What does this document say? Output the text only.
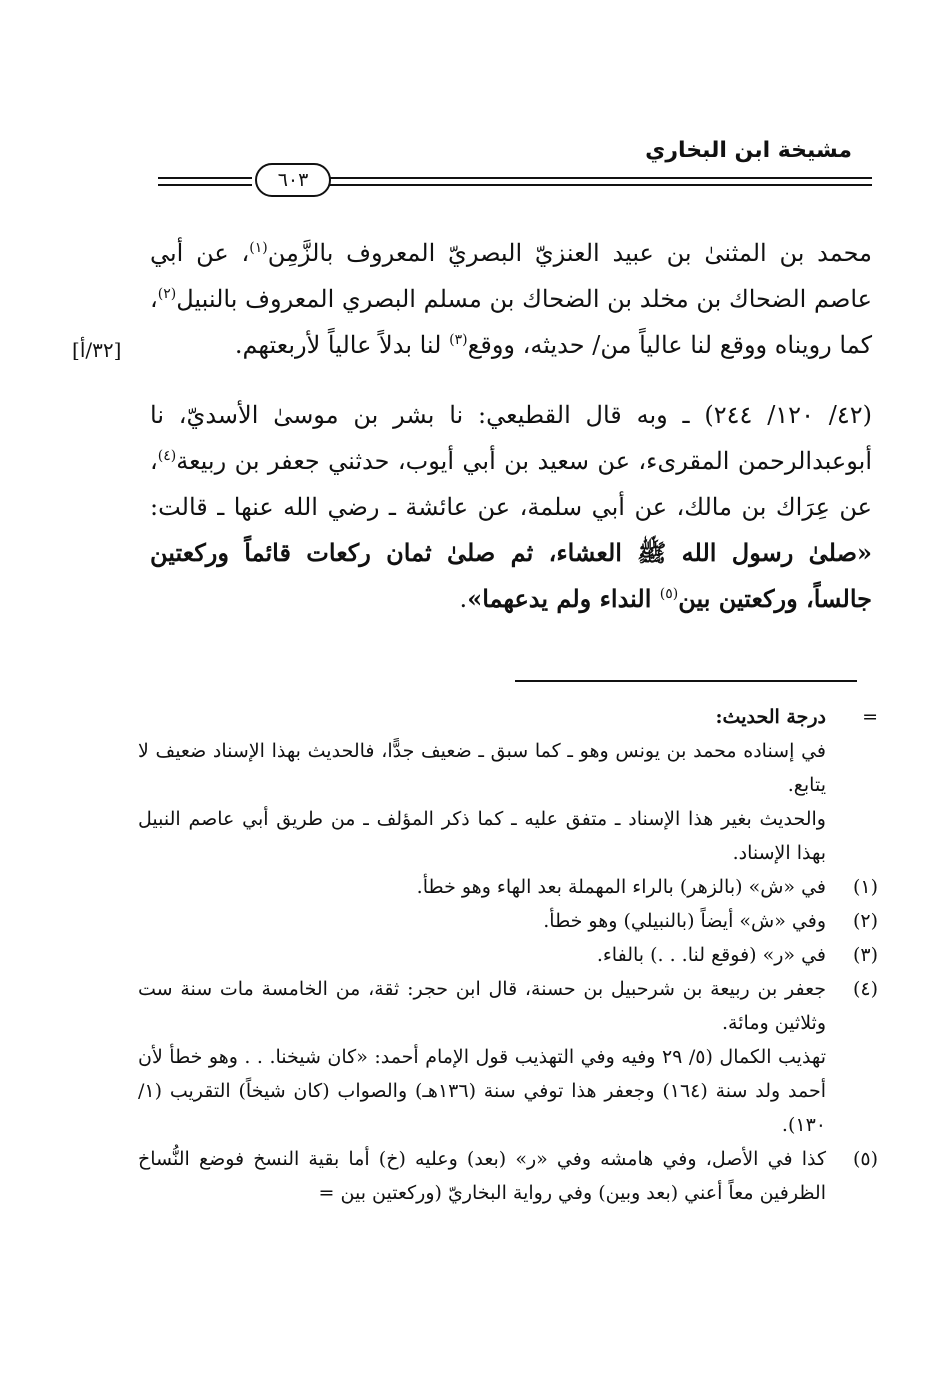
مشيخة ابن البخاري
٦٠٣
[٣٢/أ]

محمد بن المثنىٰ بن عبيد العنزيّ البصريّ المعروف بالزَّمِن$^{(١)}$، عن أبي عاصم الضحاك بن مخلد بن الضحاك بن مسلم البصري المعروف بالنبيل$^{(٢)}$، كما رويناه ووقع لنا عالياً من/ حديثه، ووقع$^{(٣)}$ لنا بدلاً عالياً لأربعتهم.

(٤٢/ ١٢٠/ ٢٤٤) ـ وبه قال القطيعي: نا بشر بن موسىٰ الأسديّ، نا أبوعبدالرحمن المقرىء، عن سعيد بن أبي أيوب، حدثني جعفر بن ربيعة$^{(٤)}$، عن عِرَاك بن مالك، عن أبي سلمة، عن عائشة ـ رضي الله عنها ـ قالت: «صلىٰ رسول الله ﷺ العشاء، ثم صلىٰ ثمان ركعات قائماً وركعتين جالساً، وركعتين بين$^{(٥)}$ النداء ولم يدعهما».

=
درجة الحديث:
في إسناده محمد بن يونس وهو ـ كما سبق ـ ضعيف جدًّا، فالحديث بهذا الإسناد ضعيف لا يتابع.
والحديث بغير هذا الإسناد ـ متفق عليه ـ كما ذكر المؤلف ـ من طريق أبي عاصم النبيل بهذا الإسناد.
(١)
في «ش» (بالزهر) بالراء المهملة بعد الهاء وهو خطأ.
(٢)
وفي «ش» أيضاً (بالنبيلي) وهو خطأ.
(٣)
في «ر» (فوقع لنا. . .) بالفاء.
(٤)
جعفر بن ربيعة بن شرحبيل بن حسنة، قال ابن حجر: ثقة، من الخامسة مات سنة ست وثلاثين ومائة.
تهذيب الكمال (٥/ ٢٩ وفيه وفي التهذيب قول الإمام أحمد: «كان شيخنا. . . وهو خطأ لأن أحمد ولد سنة (١٦٤) وجعفر هذا توفي سنة (١٣٦هـ) والصواب (كان شيخاً) التقريب (١/ ١٣٠).
(٥)
كذا في الأصل، وفي هامشه وفي «ر» (بعد) وعليه (خ) أما بقية النسخ فوضع النُّساخ الظرفين معاً أعني (بعد وبين) وفي رواية البخاريّ (وركعتين بين =
